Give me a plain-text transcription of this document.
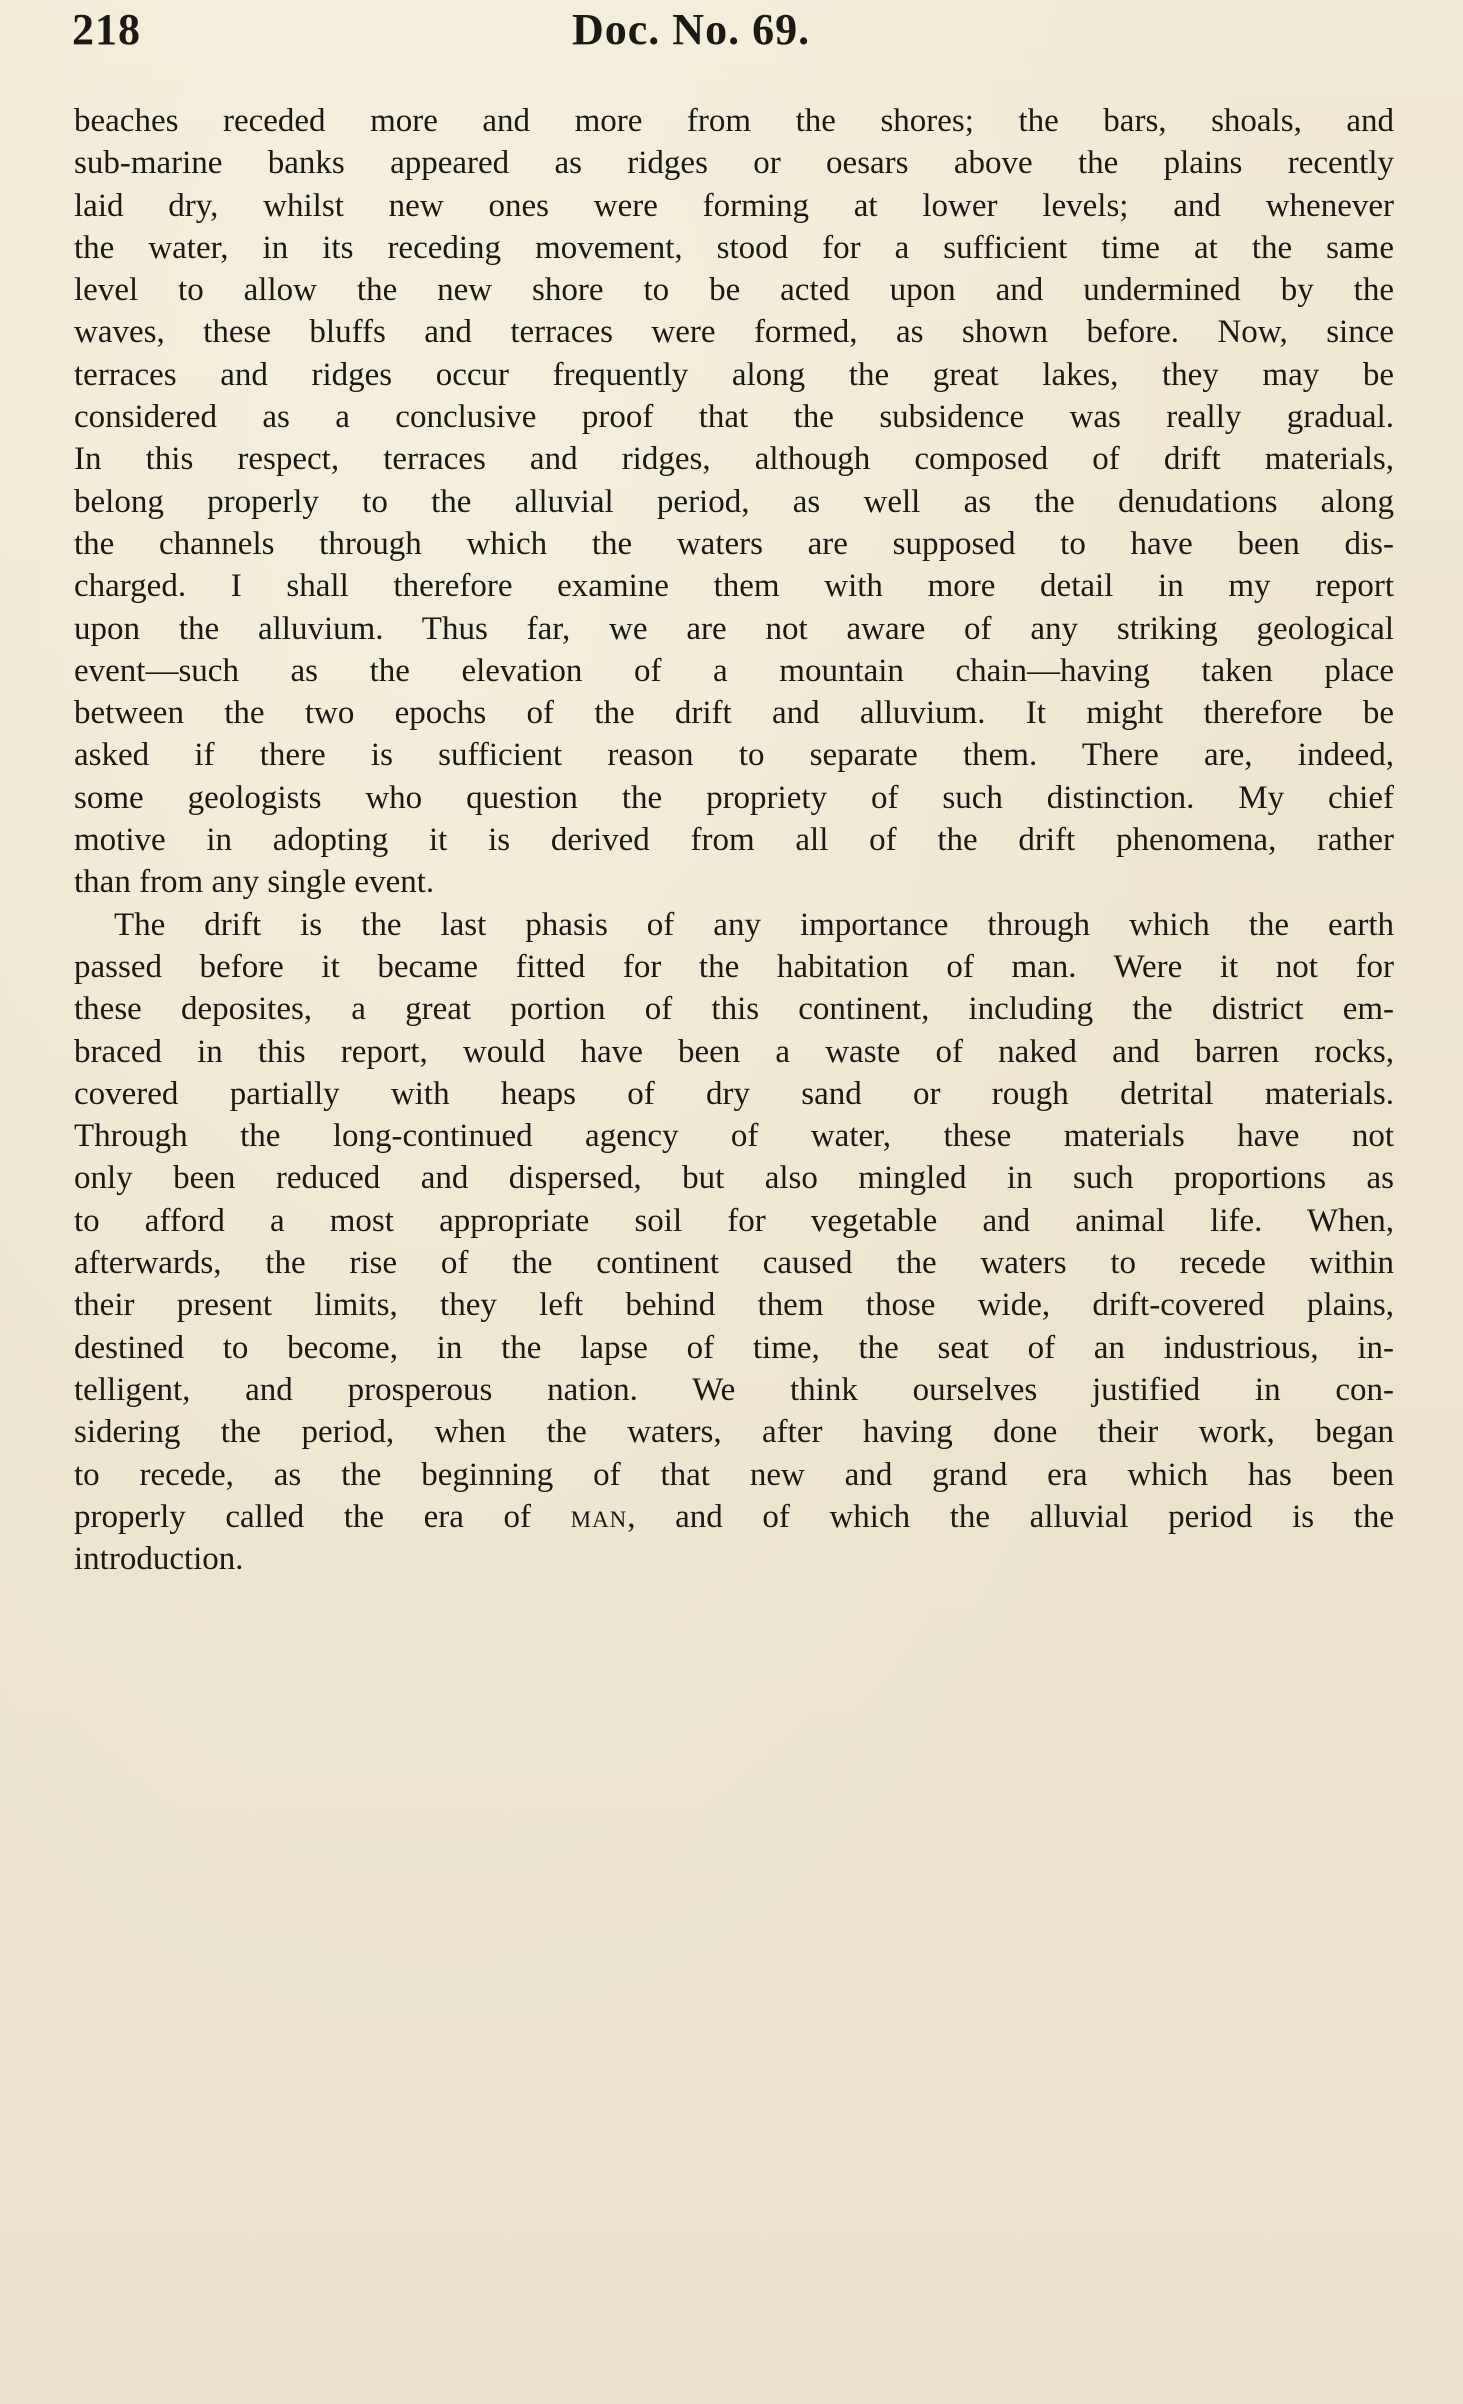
218	Doc. No. 69.
beaches receded more and more from the shores; the bars, shoals, and
sub-marine banks appeared as ridges or oesars above the plains recently
laid dry, whilst new ones were forming at lower levels; and whenever
the water, in its receding movement, stood for a sufficient time at the same
level to allow the new shore to be acted upon and undermined by the
waves, these bluffs and terraces were formed, as shown before. Now, since
terraces and ridges occur frequently along the great lakes, they may be
considered as a conclusive proof that the subsidence was really gradual.
In this respect, terraces and ridges, although composed of drift materials,
belong properly to the alluvial period, as well as the denudations along
the channels through which the waters are supposed to have been dis-
charged. I shall therefore examine them with more detail in my report
upon the alluvium. Thus far, we are not aware of any striking geological
event—such as the elevation of a mountain chain—having taken place
between the two epochs of the drift and alluvium. It might therefore be
asked if there is sufficient reason to separate them. There are, indeed,
some geologists who question the propriety of such distinction. My chief
motive in adopting it is derived from all of the drift phenomena, rather
than from any single event.
The drift is the last phasis of any importance through which the earth
passed before it became fitted for the habitation of man. Were it not for
these deposites, a great portion of this continent, including the district em-
braced in this report, would have been a waste of naked and barren rocks,
covered partially with heaps of dry sand or rough detrital materials.
Through the long-continued agency of water, these materials have not
only been reduced and dispersed, but also mingled in such proportions as
to afford a most appropriate soil for vegetable and animal life. When,
afterwards, the rise of the continent caused the waters to recede within
their present limits, they left behind them those wide, drift-covered plains,
destined to become, in the lapse of time, the seat of an industrious, in-
telligent, and prosperous nation. We think ourselves justified in con-
sidering the period, when the waters, after having done their work, began
to recede, as the beginning of that new and grand era which has been
properly called the era of man, and of which the alluvial period is the
introduction.
